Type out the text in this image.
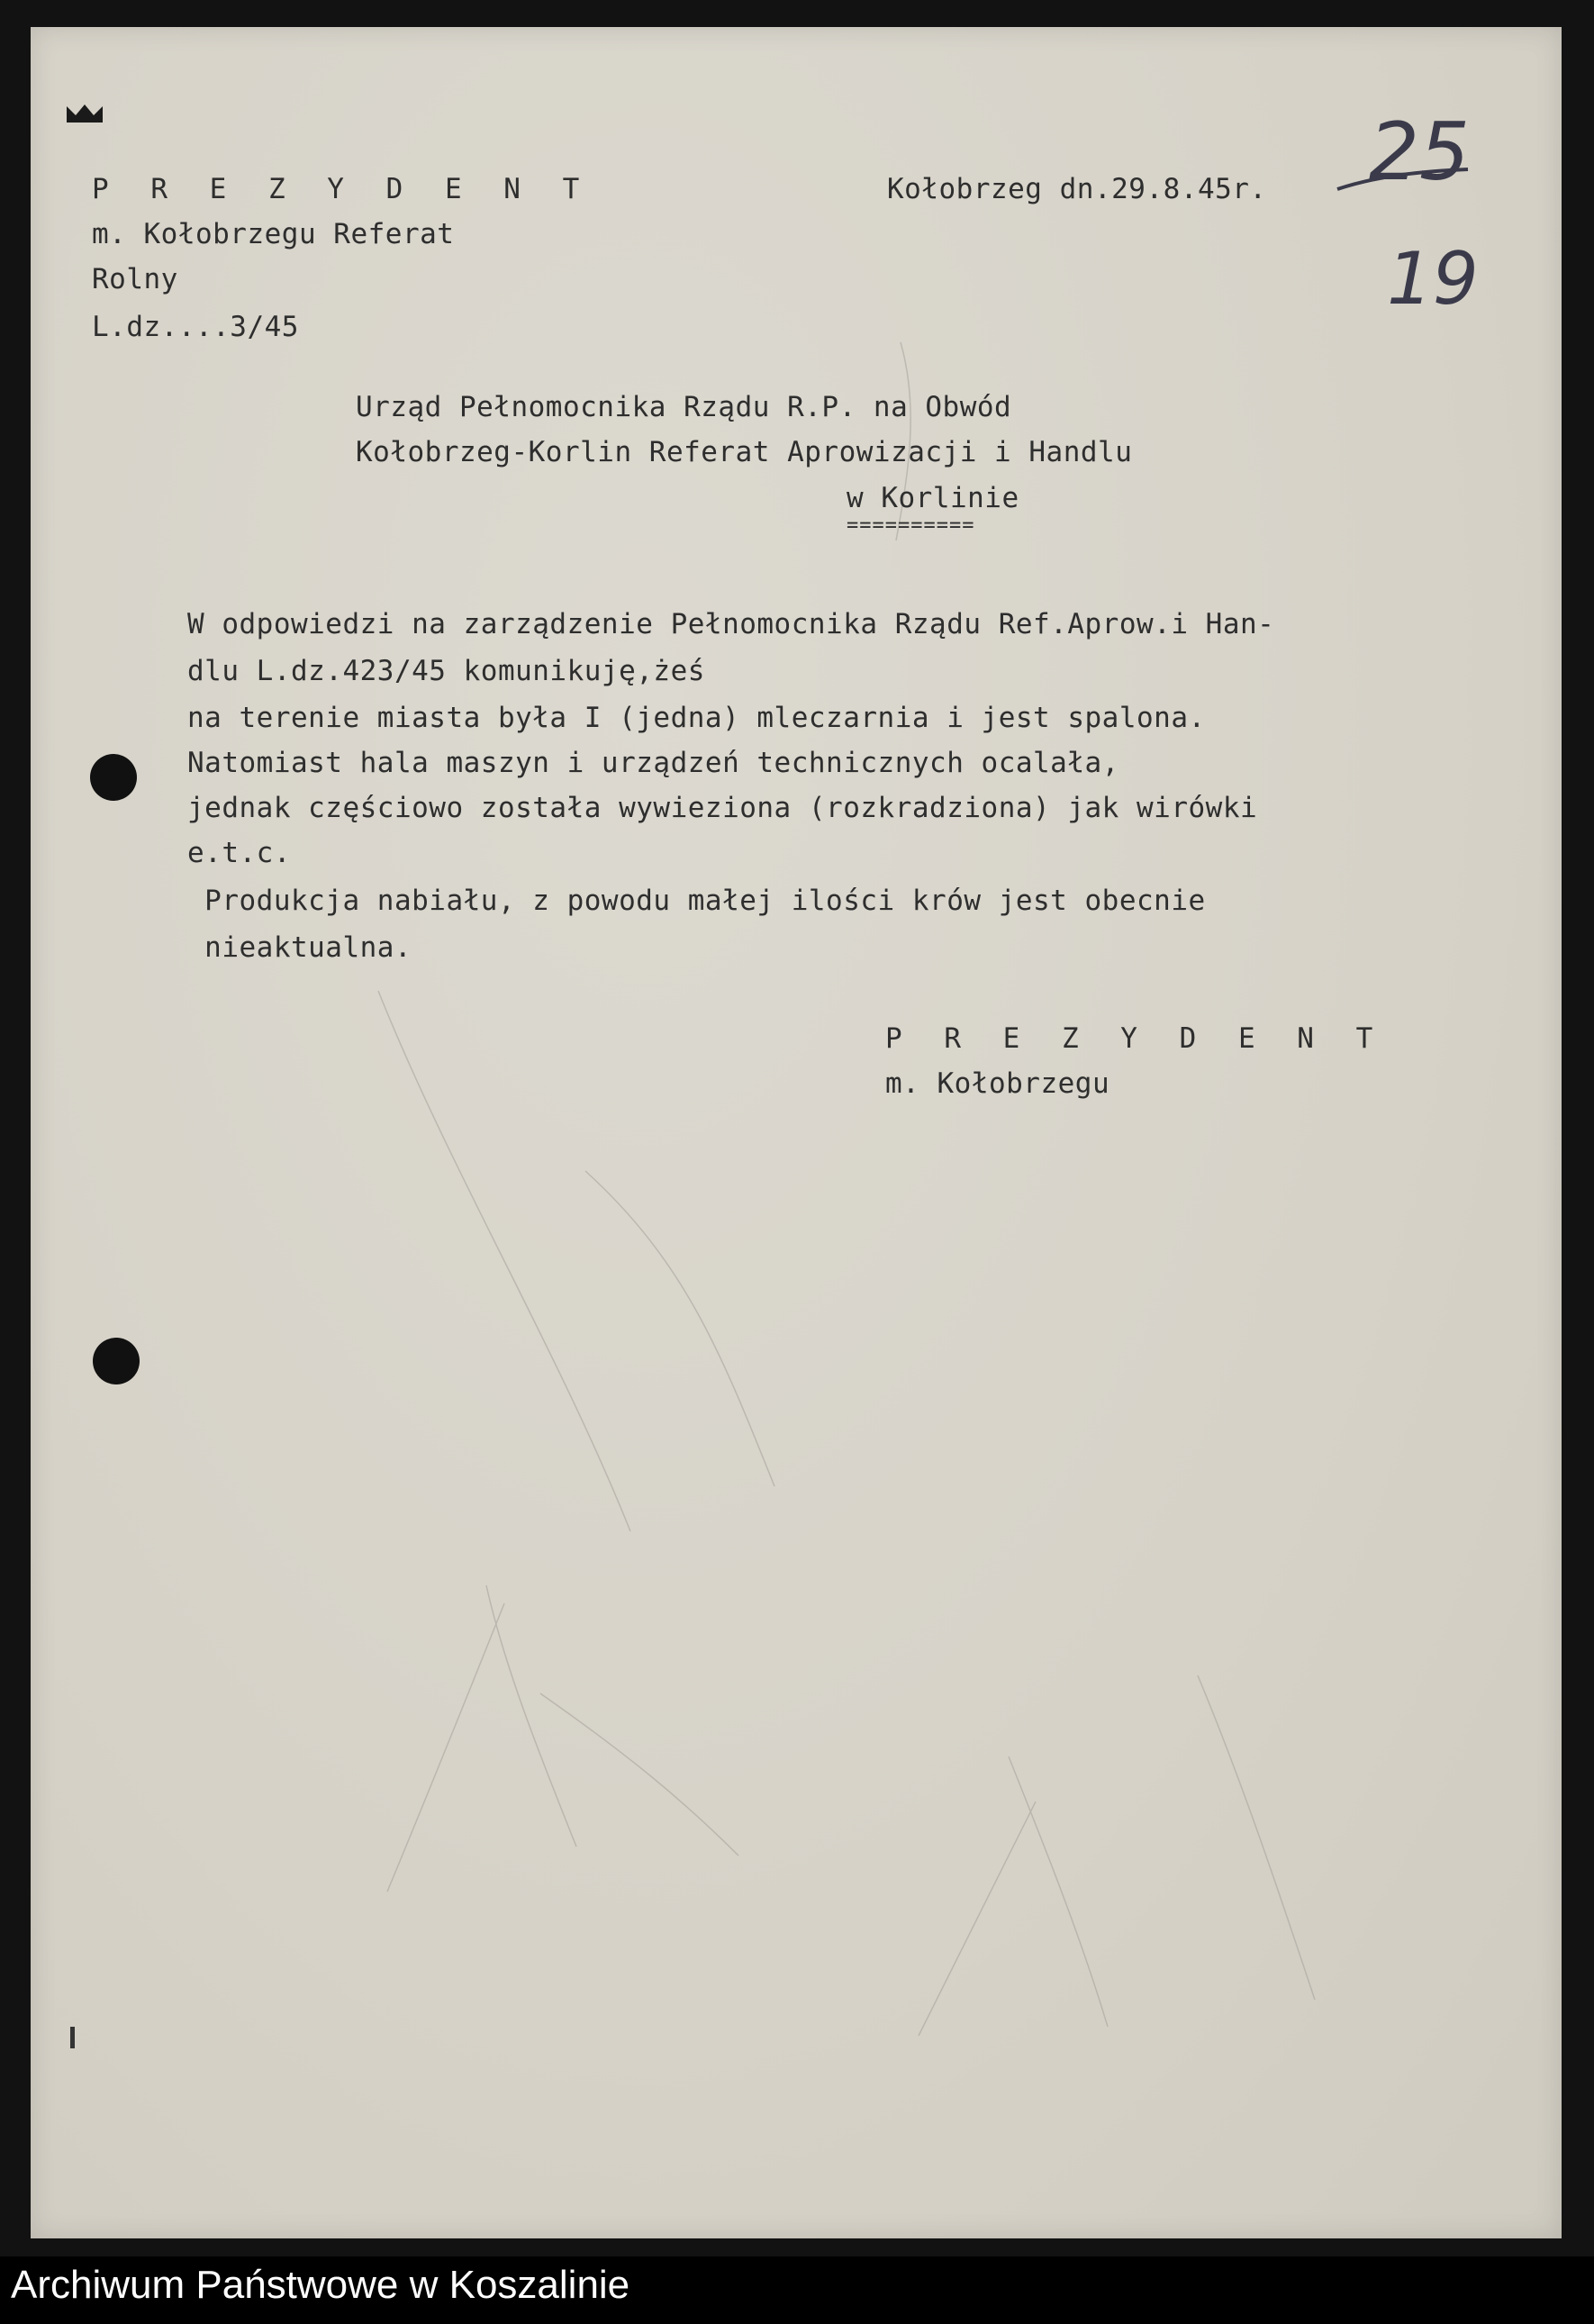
P R E Z Y D E N T
m. Kołobrzegu Referat
Rolny
L.dz....3/45
Kołobrzeg dn.29.8.45r. 25
19
Urząd Pełnomocnika Rządu R.P. na Obwód
Kołobrzeg-Korlin Referat Aprowizacji i Handlu
w Korlinie
==========
W odpowiedzi na zarządzenie Pełnomocnika Rządu Ref.Aprow.i Han-
dlu L.dz.423/45 komunikuję,żeś
na terenie miasta była I (jedna) mleczarnia i jest spalona.
Natomiast hala maszyn i urządzeń technicznych ocalała,
jednak częściowo została wywieziona (rozkradziona) jak wirówki
e.t.c.
Produkcja nabiału, z powodu małej ilości krów jest obecnie
nieaktualna.
P R E Z Y D E N T
m. Kołobrzegu
Archiwum Państwowe w Koszalinie
